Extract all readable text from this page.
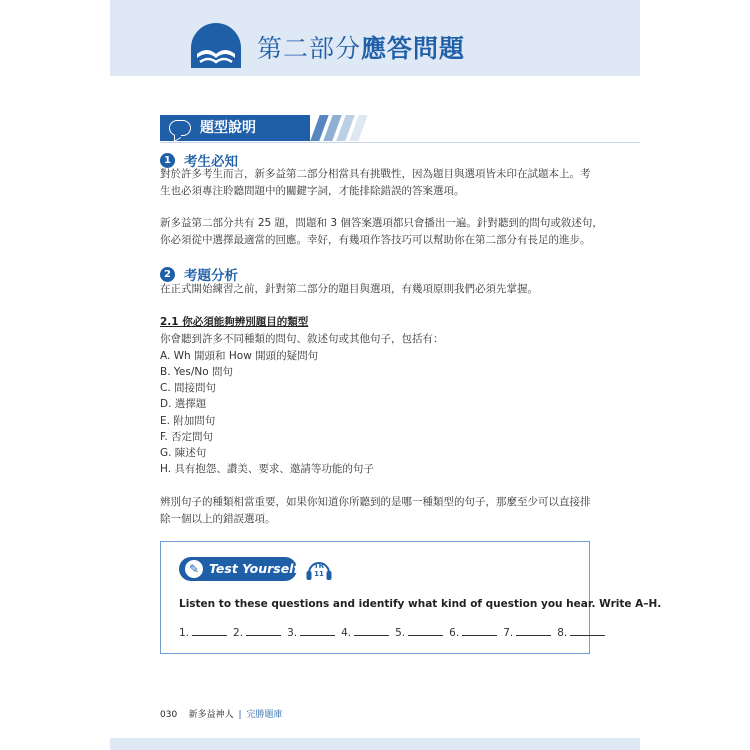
第二部分應答問題
題型說明
1 考生必知
對於許多考生而言，新多益第二部分相當具有挑戰性，因為題目與選項皆未印在試題本上。考
生也必須專注聆聽問題中的關鍵字詞，才能排除錯誤的答案選項。
新多益第二部分共有 25 題，問題和 3 個答案選項都只會播出一遍。針對聽到的問句或敘述句，
你必須從中選擇最適當的回應。幸好，有幾項作答技巧可以幫助你在第二部分有長足的進步。
2 考題分析
在正式開始練習之前，針對第二部分的題目與選項，有幾項原則我們必須先掌握。
2.1 你必須能夠辨別題目的類型
你會聽到許多不同種類的問句、敘述句或其他句子，包括有：
A. Wh 開頭和 How 開頭的疑問句
B. Yes/No 問句
C. 間接問句
D. 選擇題
E. 附加問句
F. 否定問句
G. 陳述句
H. 具有抱怨、讚美、要求、邀請等功能的句子
辨別句子的種類相當重要，如果你知道你所聽到的是哪一種類型的句子，那麼至少可以直接排
除一個以上的錯誤選項。
✎ Test Yourself	TR
11
Listen to these questions and identify what kind of question you hear. Write A–H.
1.	2.	3.	4.	5.	6.	7.	8.
030 新多益神人 | 完勝題庫
